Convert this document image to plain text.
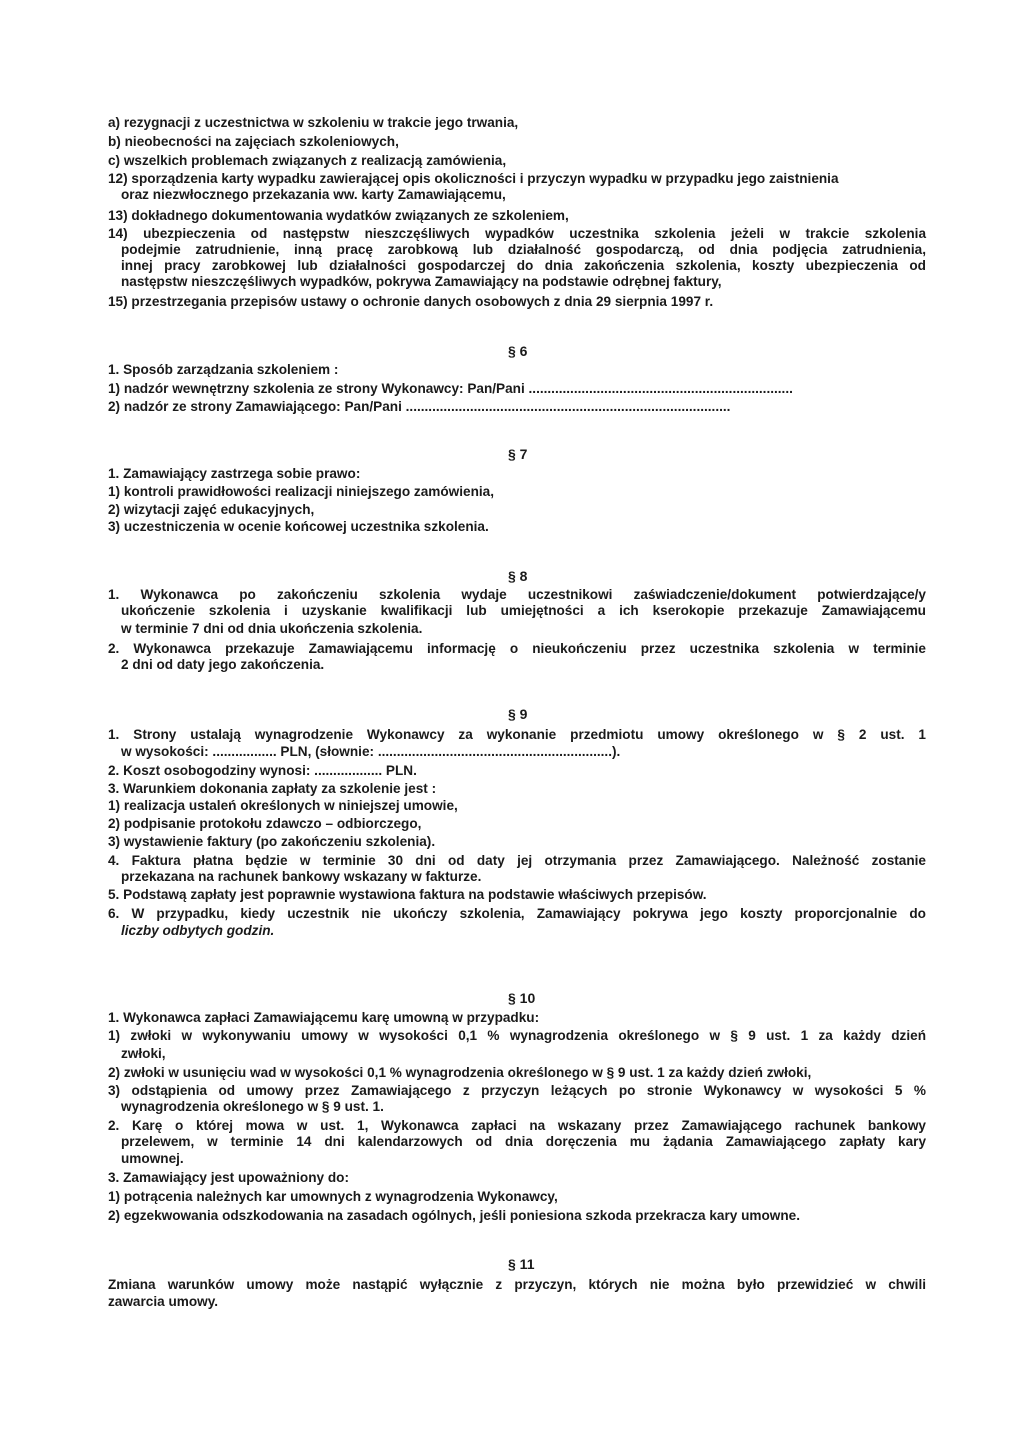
a) rezygnacji z uczestnictwa w szkoleniu w trakcie jego trwania,
b) nieobecności na zajęciach szkoleniowych,
c) wszelkich problemach związanych z realizacją zamówienia,
12) sporządzenia karty wypadku zawierającej opis okoliczności i przyczyn wypadku w przypadku jego zaistnienia
oraz niezwłocznego przekazania ww. karty Zamawiającemu,
13) dokładnego dokumentowania wydatków związanych ze szkoleniem,
14) ubezpieczenia od następstw nieszczęśliwych wypadków uczestnika szkolenia jeżeli w trakcie szkolenia
podejmie zatrudnienie, inną pracę zarobkową lub działalność gospodarczą, od dnia podjęcia zatrudnienia,
innej pracy zarobkowej lub działalności gospodarczej do dnia zakończenia szkolenia, koszty ubezpieczenia od
następstw nieszczęśliwych wypadków, pokrywa Zamawiający na podstawie odrębnej faktury,
15) przestrzegania przepisów ustawy o ochronie danych osobowych z dnia 29 sierpnia 1997 r.
§ 6
1. Sposób zarządzania szkoleniem :
1) nadzór wewnętrzny szkolenia ze strony Wykonawcy: Pan/Pani ......................................................................
2) nadzór ze strony Zamawiającego: Pan/Pani ......................................................................................
§ 7
1. Zamawiający zastrzega sobie prawo:
1) kontroli prawidłowości realizacji niniejszego zamówienia,
2) wizytacji zajęć edukacyjnych,
3) uczestniczenia w ocenie końcowej uczestnika szkolenia.
§ 8
1. Wykonawca po zakończeniu szkolenia wydaje uczestnikowi zaświadczenie/dokument potwierdzające/y
ukończenie szkolenia i uzyskanie kwalifikacji lub umiejętności a ich kserokopie przekazuje Zamawiającemu
w terminie 7 dni od dnia ukończenia szkolenia.
2. Wykonawca przekazuje Zamawiającemu informację o nieukończeniu przez uczestnika szkolenia w terminie
2 dni od daty jego zakończenia.
§ 9
1. Strony ustalają wynagrodzenie Wykonawcy za wykonanie przedmiotu umowy określonego w § 2 ust. 1
w wysokości: ................. PLN, (słownie: ..............................................................).
2. Koszt osobogodziny wynosi: .................. PLN.
3. Warunkiem dokonania zapłaty za szkolenie jest :
1) realizacja ustaleń określonych w niniejszej umowie,
2) podpisanie protokołu zdawczo – odbiorczego,
3) wystawienie faktury (po zakończeniu szkolenia).
4. Faktura płatna będzie w terminie 30 dni od daty jej otrzymania przez Zamawiającego. Należność zostanie
przekazana na rachunek bankowy wskazany w fakturze.
5. Podstawą zapłaty jest poprawnie wystawiona faktura na podstawie właściwych przepisów.
6. W przypadku, kiedy uczestnik nie ukończy szkolenia, Zamawiający pokrywa jego koszty proporcjonalnie do
liczby odbytych godzin.
§ 10
1. Wykonawca zapłaci Zamawiającemu karę umowną w przypadku:
1) zwłoki w wykonywaniu umowy w wysokości 0,1 % wynagrodzenia określonego w § 9 ust. 1 za każdy dzień
zwłoki,
2) zwłoki w usunięciu wad w wysokości 0,1 % wynagrodzenia określonego w § 9 ust. 1 za każdy dzień zwłoki,
3) odstąpienia od umowy przez Zamawiającego z przyczyn leżących po stronie Wykonawcy w wysokości 5 %
wynagrodzenia określonego w § 9 ust. 1.
2. Karę o której mowa w ust. 1, Wykonawca zapłaci na wskazany przez Zamawiającego rachunek bankowy
przelewem, w terminie 14 dni kalendarzowych od dnia doręczenia mu żądania Zamawiającego zapłaty kary
umownej.
3. Zamawiający jest upoważniony do:
1) potrącenia należnych kar umownych z wynagrodzenia Wykonawcy,
2) egzekwowania odszkodowania na zasadach ogólnych, jeśli poniesiona szkoda przekracza kary umowne.
§ 11
Zmiana warunków umowy może nastąpić wyłącznie z przyczyn, których nie można było przewidzieć w chwili
zawarcia umowy.
